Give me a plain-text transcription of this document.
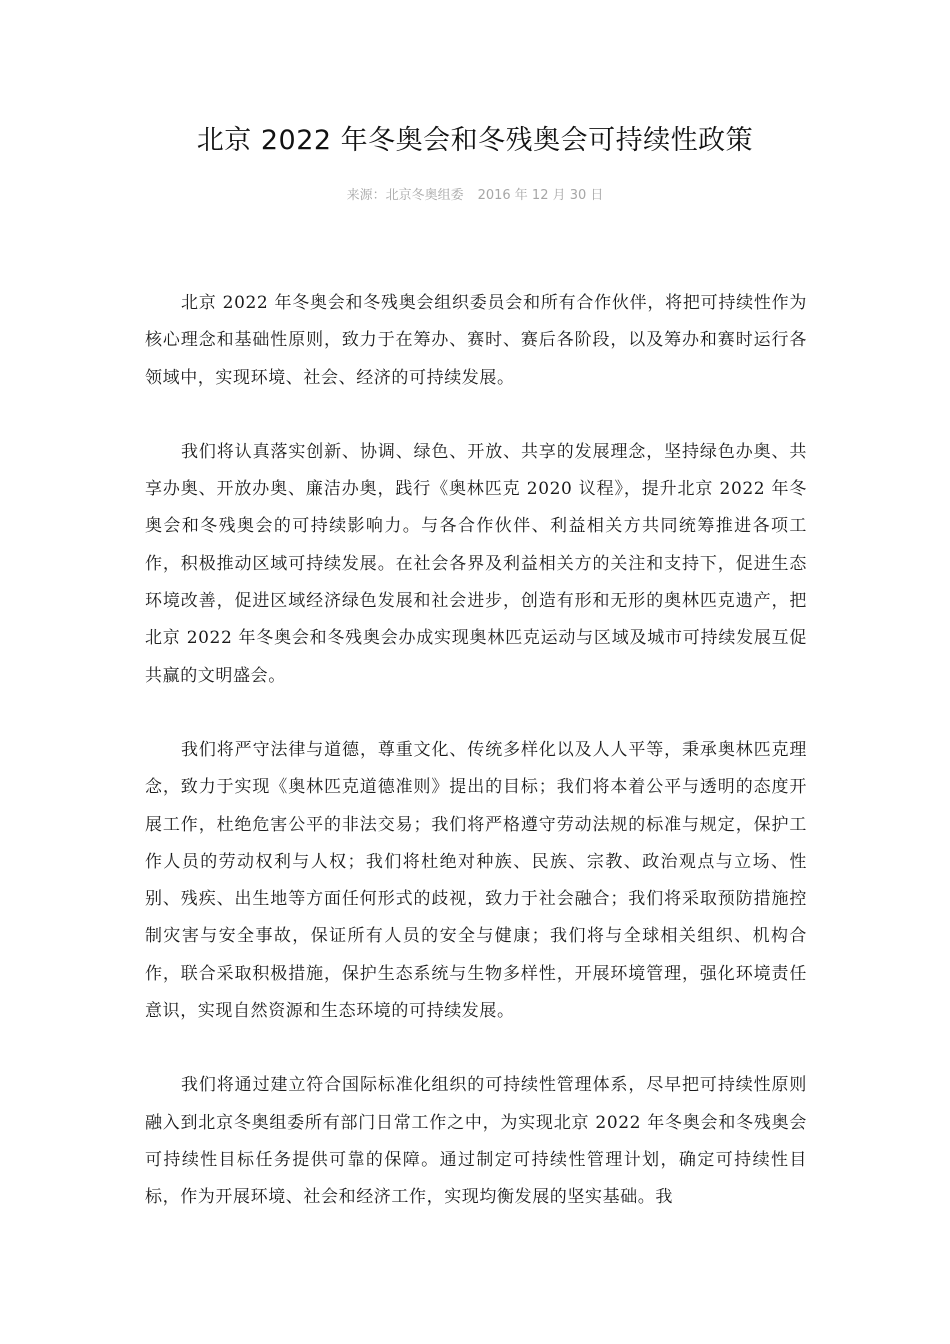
北京 2022 年冬奥会和冬残奥会可持续性政策
来源：北京冬奥组委 2016 年 12 月 30 日

北京 2022 年冬奥会和冬残奥会组织委员会和所有合作伙伴，将把可持续性作为核心理念和基础性原则，致力于在筹办、赛时、赛后各阶段，以及筹办和赛时运行各领域中，实现环境、社会、经济的可持续发展。

我们将认真落实创新、协调、绿色、开放、共享的发展理念，坚持绿色办奥、共享办奥、开放办奥、廉洁办奥，践行《奥林匹克 2020 议程》，提升北京 2022 年冬奥会和冬残奥会的可持续影响力。与各合作伙伴、利益相关方共同统筹推进各项工作，积极推动区域可持续发展。在社会各界及利益相关方的关注和支持下，促进生态环境改善，促进区域经济绿色发展和社会进步，创造有形和无形的奥林匹克遗产，把北京 2022 年冬奥会和冬残奥会办成实现奥林匹克运动与区域及城市可持续发展互促共赢的文明盛会。

我们将严守法律与道德，尊重文化、传统多样化以及人人平等，秉承奥林匹克理念，致力于实现《奥林匹克道德准则》提出的目标；我们将本着公平与透明的态度开展工作，杜绝危害公平的非法交易；我们将严格遵守劳动法规的标准与规定，保护工作人员的劳动权利与人权；我们将杜绝对种族、民族、宗教、政治观点与立场、性别、残疾、出生地等方面任何形式的歧视，致力于社会融合；我们将采取预防措施控制灾害与安全事故，保证所有人员的安全与健康；我们将与全球相关组织、机构合作，联合采取积极措施，保护生态系统与生物多样性，开展环境管理，强化环境责任意识，实现自然资源和生态环境的可持续发展。

我们将通过建立符合国际标准化组织的可持续性管理体系，尽早把可持续性原则融入到北京冬奥组委所有部门日常工作之中，为实现北京 2022 年冬奥会和冬残奥会可持续性目标任务提供可靠的保障。通过制定可持续性管理计划，确定可持续性目标，作为开展环境、社会和经济工作，实现均衡发展的坚实基础。我
